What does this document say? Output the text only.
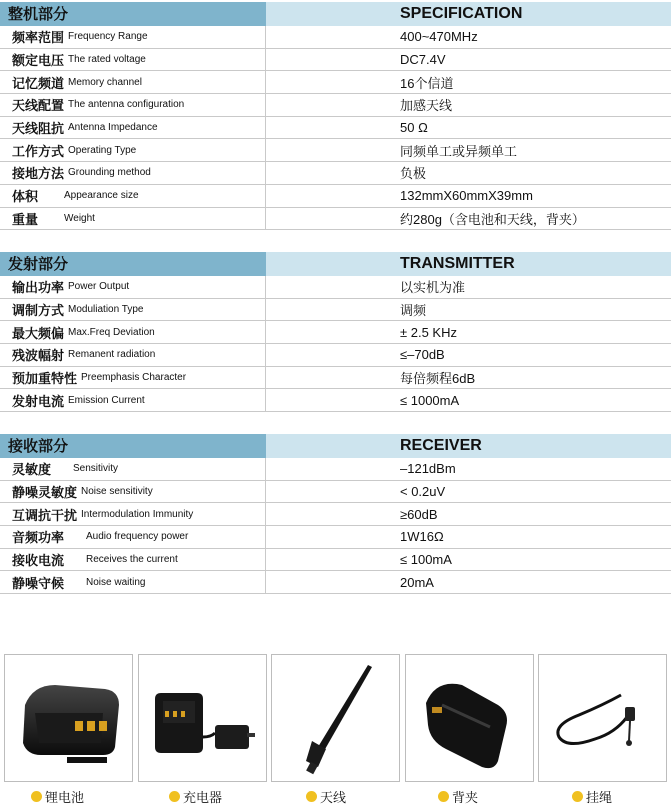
整机部分	SPECIFICATION
频率范围 Frequency Range	400~470MHz
额定电压 The rated voltage	DC7.4V
记忆频道 Memory channel	16个信道
天线配置 The antenna configuration	加感天线
天线阻抗 Antenna Impedance	50 Ω
工作方式 Operating Type	同频单工或异频单工
接地方法 Grounding method	负极
体积	Appearance size	132mmX60mmX39mm
重量	Weight	约280g（含电池和天线，背夹）
发射部分	TRANSMITTER
输出功率 Power Output	以实机为准
调制方式 Moduliation Type	调频
最大频偏 Max.Freq Deviation	± 2.5 KHz
残波幅射 Remanent radiation	≤–70dB
预加重特性 Preemphasis Character	每倍频程6dB
发射电流 Emission Current	≤ 1000mA
接收部分	RECEIVER
灵敏度 Sensitivity	–121dBm
静噪灵敏度 Noise sensitivity	< 0.2uV
互调抗干扰 Intermodulation Immunity	≥60dB
音频功率 Audio frequency power	1W16Ω
接收电流 Receives the current	≤ 100mA
静噪守候 Noise waiting	20mA
锂电池	充电器	天线	背夹	挂绳
